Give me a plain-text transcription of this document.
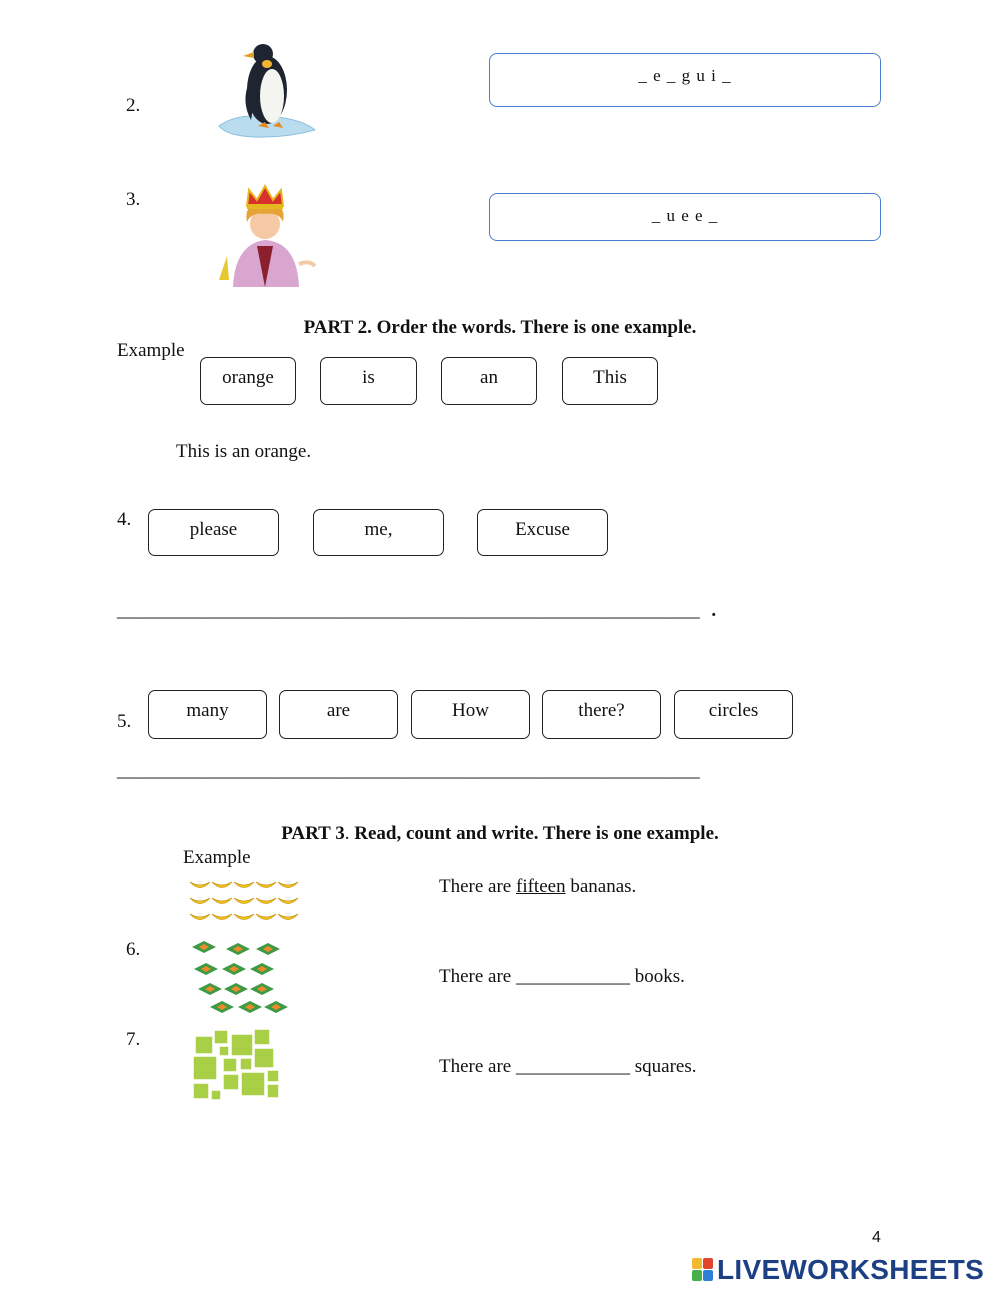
2.
_ e _ g u i _
3.
_ u e e _
PART 2. Order the words. There is one example.
Example
orange	is	an	This
This is an orange.
4.	please	me,	Excuse
________________________________________________________________ .
5.
many	are	How	there?	circles
________________________________________________________________
PART 3. Read, count and write. There is one example.
Example
There are fifteen bananas.
6.
There are ____________ books.
7.
There are ____________ squares.
4
LIVEWORKSHEETS
